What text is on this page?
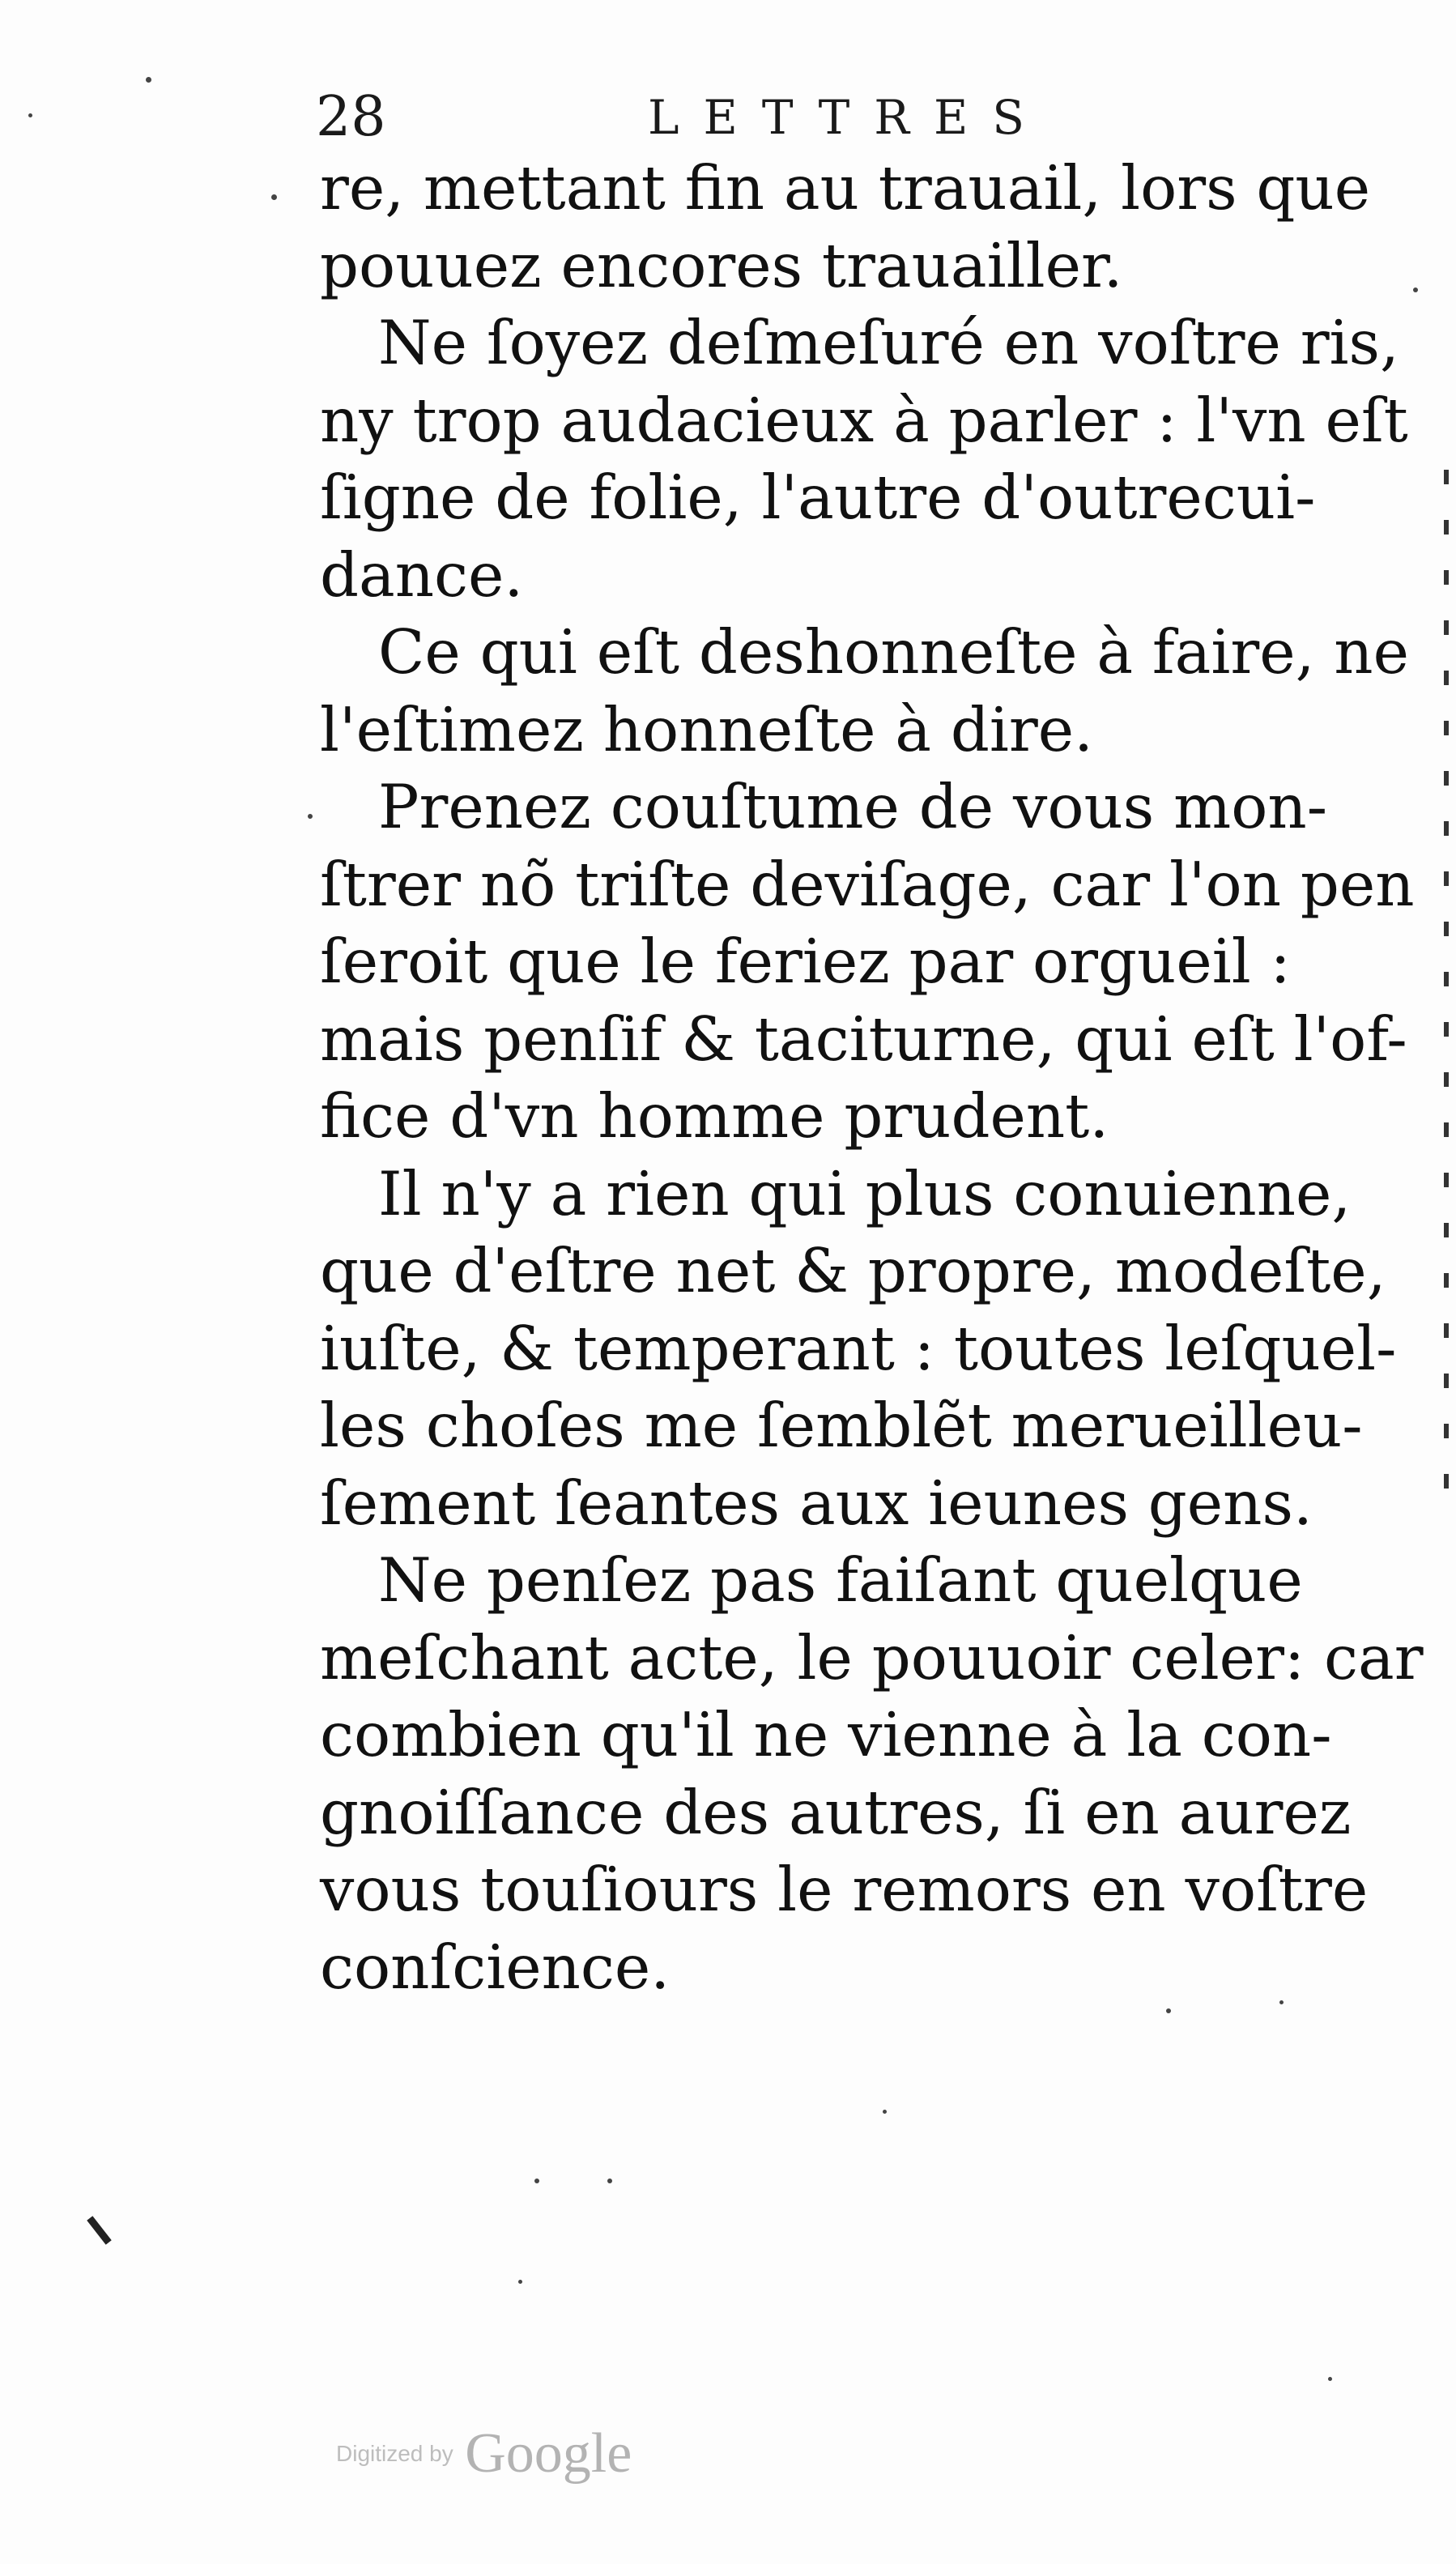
28	LETTRES

re, mettant fin au trauail, lors que
pouuez encores trauailler.

Ne ſoyez deſmeſuré en voſtre ris,
ny trop audacieux à parler : l'vn eſt
ſigne de folie, l'autre d'outrecui-
dance.

Ce qui eſt deshonneſte à faire, ne
l'eſtimez honneſte à dire.

Prenez couſtume de vous mon-
ſtrer nõ triſte deviſage, car l'on pen
ſeroit que le feriez par orgueil :
mais penſif & taciturne, qui eſt l'of-
fice d'vn homme prudent.

Il n'y a rien qui plus conuienne,
que d'eſtre net & propre, modeſte,
iuſte, & temperant : toutes leſquel-
les choſes me ſemblẽt merueilleu-
ſement ſeantes aux ieunes gens.

Ne penſez pas faiſant quelque
meſchant acte, le pouuoir celer: car
combien qu'il ne vienne à la con-
gnoiſſance des autres, ſi en aurez
vous touſiours le remors en voſtre
conſcience.

Digitized by Google
